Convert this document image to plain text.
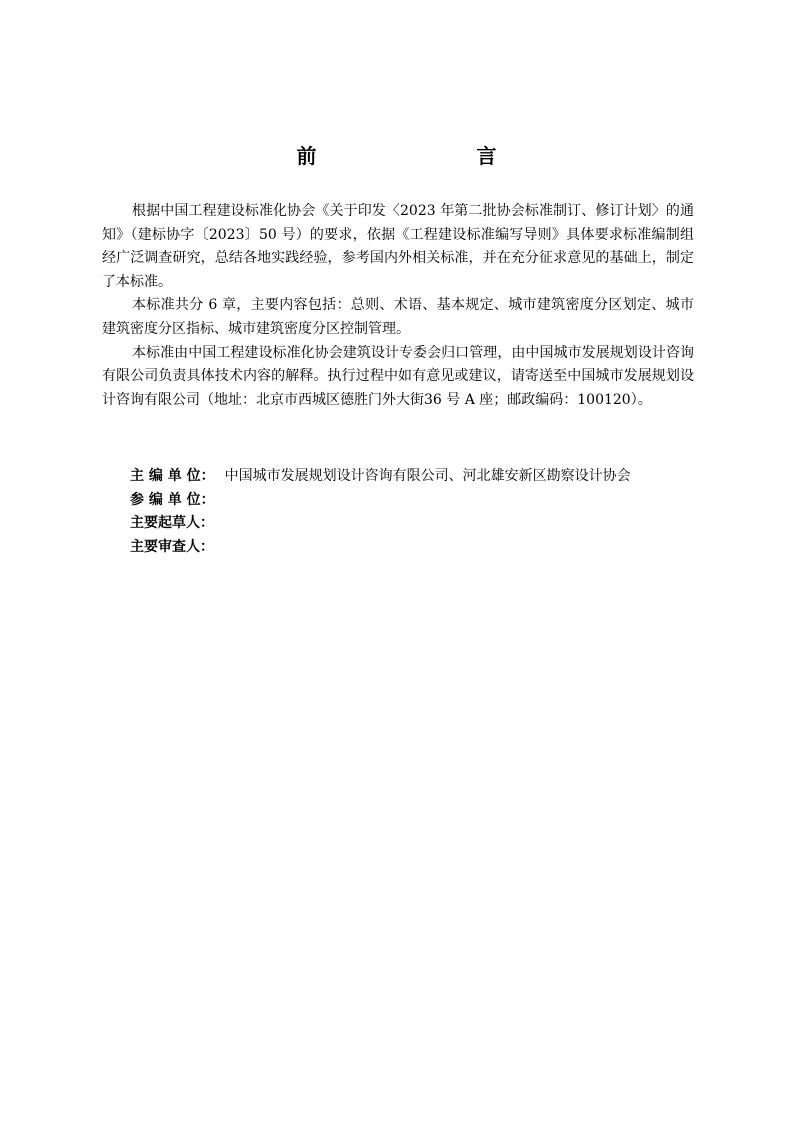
前　　言

根据中国工程建设标准化协会《关于印发〈2023 年第二批协会标准制订、修订计划〉的通知》（建标协字〔2023〕50 号）的要求，依据《工程建设标准编写导则》具体要求标准编制组经广泛调查研究，总结各地实践经验，参考国内外相关标准，并在充分征求意见的基础上，制定了本标准。

本标准共分 6 章，主要内容包括：总则、术语、基本规定、城市建筑密度分区划定、城市建筑密度分区指标、城市建筑密度分区控制管理。

本标准由中国工程建设标准化协会建筑设计专委会归口管理，由中国城市发展规划设计咨询有限公司负责具体技术内容的解释。执行过程中如有意见或建议，请寄送至中国城市发展规划设计咨询有限公司（地址：北京市西城区德胜门外大街36 号 A 座；邮政编码：100120）。

主 编 单 位： 中国城市发展规划设计咨询有限公司、河北雄安新区勘察设计协会
参 编 单 位：
主要起草人：
主要审查人：
